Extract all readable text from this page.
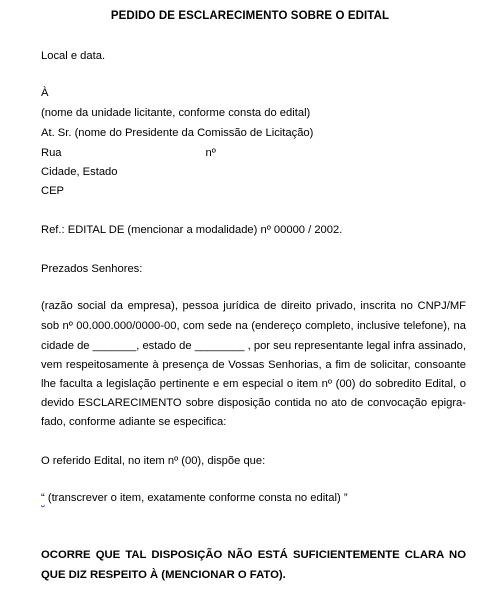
PEDIDO DE ESCLARECIMENTO SOBRE O EDITAL
Local e data.
À
(nome da unidade licitante, conforme consta do edital)
At. Sr. (nome do Presidente da Comissão de Licitação)
Rua	nº
Cidade, Estado
CEP
Ref.: EDITAL DE (mencionar a modalidade) nº 00000 / 2002.
Prezados Senhores:
(razão social da empresa), pessoa jurídica de direito privado, inscrita no CNPJ/MF
sob nº 00.000.000/0000-00, com sede na (endereço completo, inclusive telefone), na
cidade de _______, estado de ________ , por seu representante legal infra assinado,
vem respeitosamente à presença de Vossas Senhorias, a fim de solicitar, consoante
lhe faculta a legislação pertinente e em especial o item nº (00) do sobredito Edital, o
devido ESCLARECIMENTO sobre disposição contida no ato de convocação epigra-
fado, conforme adiante se especifica:
O referido Edital, no item nº (00), dispõe que:
“ (transcrever o item, exatamente conforme consta no edital) ”
OCORRE QUE TAL DISPOSIÇÃO NÃO ESTÁ SUFICIENTEMENTE CLARA NO
QUE DIZ RESPEITO À (MENCIONAR O FATO).
